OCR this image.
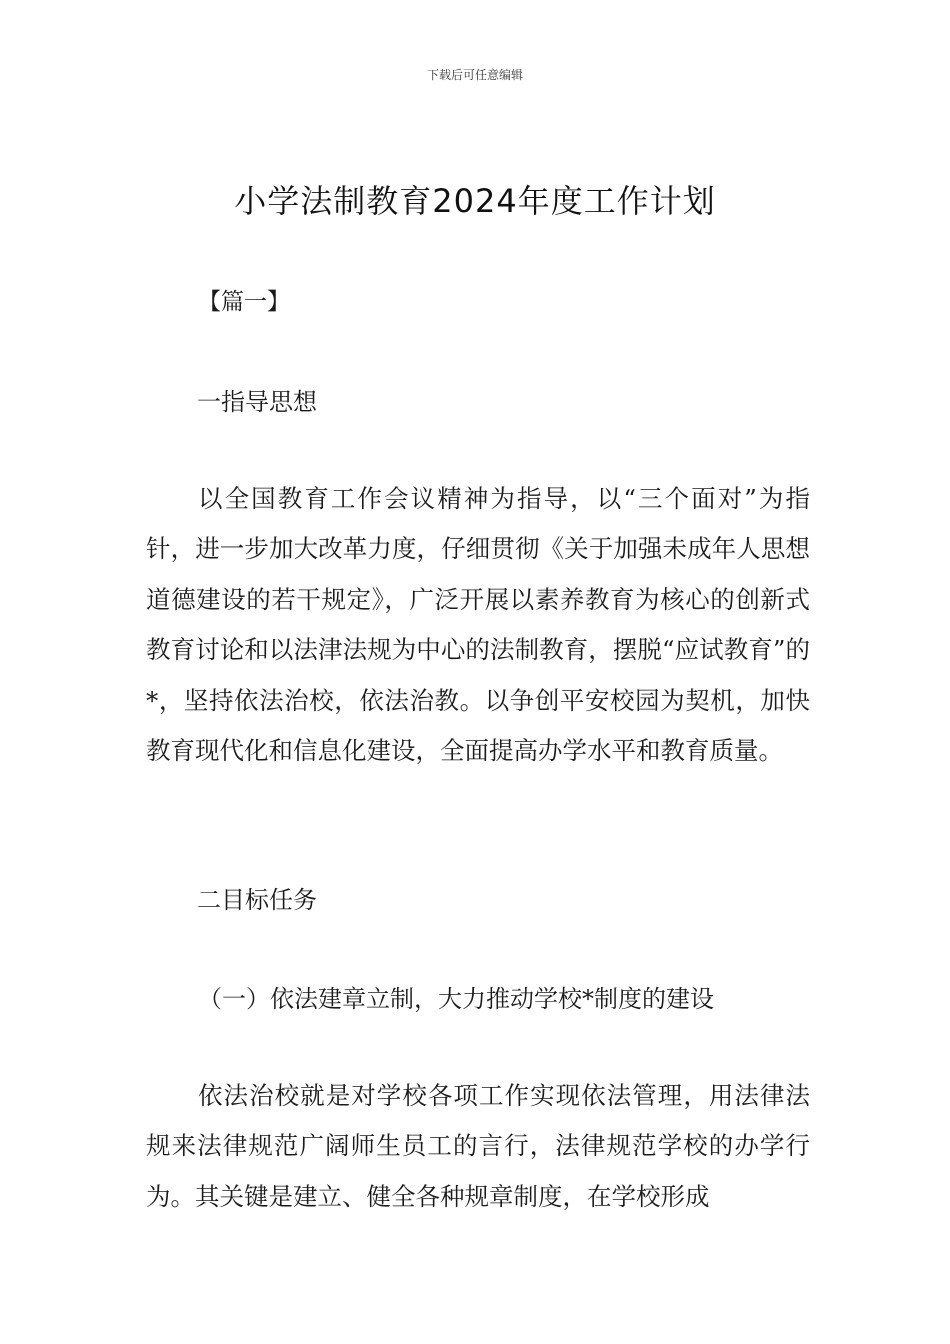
下载后可任意编辑
小学法制教育2024年度工作计划
【篇一】
一指导思想

以全国教育工作会议精神为指导，以“三个面对”为指针，进一步加大改革力度，仔细贯彻《关于加强未成年人思想道德建设的若干规定》，广泛开展以素养教育为核心的创新式教育讨论和以法津法规为中心的法制教育，摆脱“应试教育”的*，坚持依法治校，依法治教。以争创平安校园为契机，加快教育现代化和信息化建设，全面提高办学水平和教育质量。

二目标任务
（一）依法建章立制，大力推动学校*制度的建设

依法治校就是对学校各项工作实现依法管理，用法律法规来法律规范广阔师生员工的言行，法律规范学校的办学行为。其关键是建立、健全各种规章制度，在学校形成
